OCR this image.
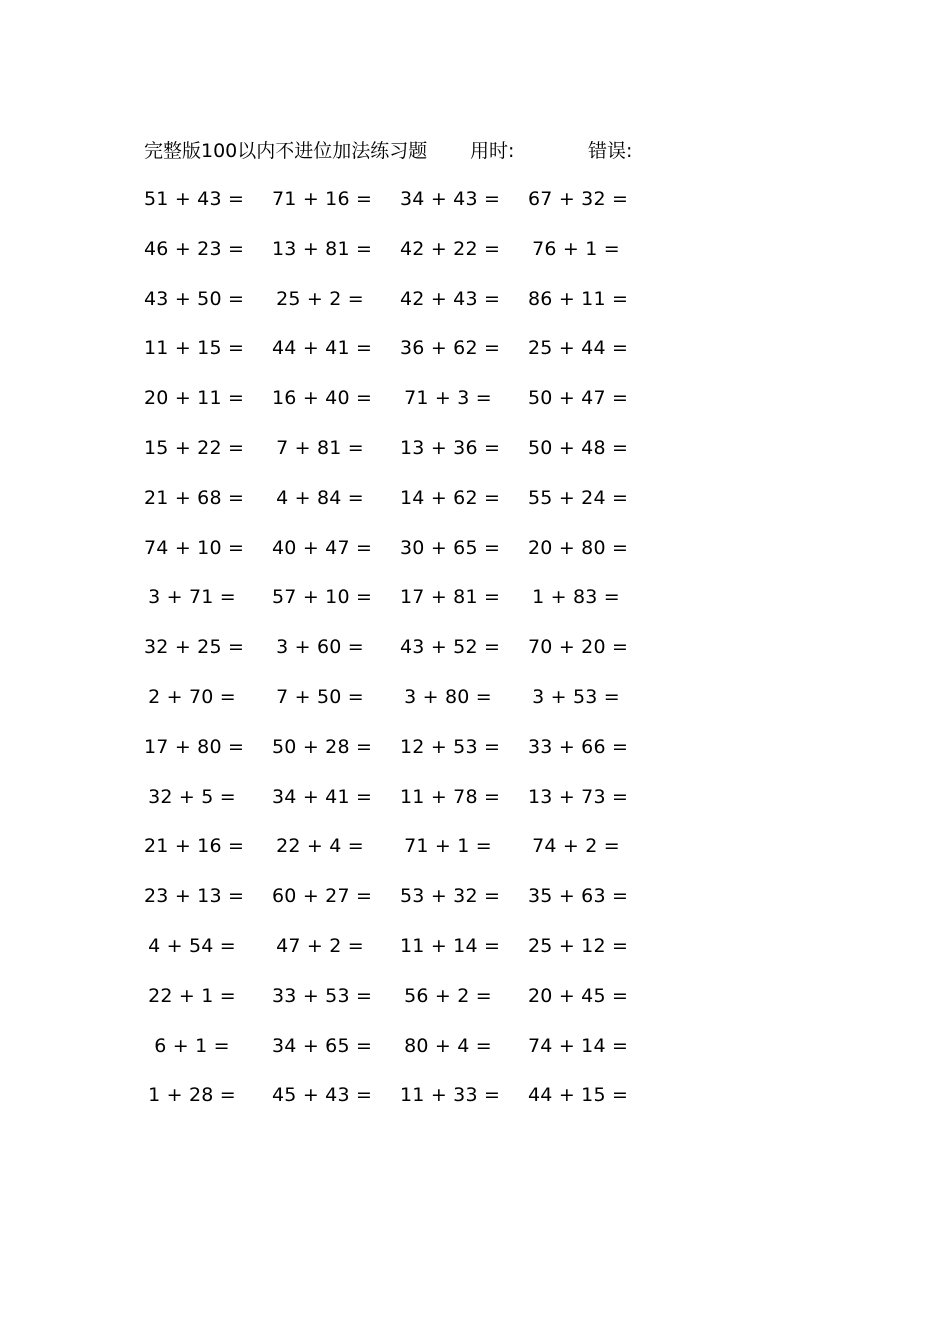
完整版100以内不进位加法练习题 用时:	错误:
51 + 43 = 71 + 16 = 34 + 43 = 67 + 32 =
46 + 23 = 13 + 81 = 42 + 22 = 76 + 1 =
43 + 50 = 25 + 2 = 42 + 43 = 86 + 11 =
11 + 15 = 44 + 41 = 36 + 62 = 25 + 44 =
20 + 11 = 16 + 40 = 71 + 3 = 50 + 47 =
15 + 22 = 7 + 81 = 13 + 36 = 50 + 48 =
21 + 68 = 4 + 84 = 14 + 62 = 55 + 24 =
74 + 10 = 40 + 47 = 30 + 65 = 20 + 80 =
3 + 71 = 57 + 10 = 17 + 81 = 1 + 83 =
32 + 25 = 3 + 60 = 43 + 52 = 70 + 20 =
2 + 70 = 7 + 50 = 3 + 80 = 3 + 53 =
17 + 80 = 50 + 28 = 12 + 53 = 33 + 66 =
32 + 5 = 34 + 41 = 11 + 78 = 13 + 73 =
21 + 16 = 22 + 4 = 71 + 1 = 74 + 2 =
23 + 13 = 60 + 27 = 53 + 32 = 35 + 63 =
4 + 54 = 47 + 2 = 11 + 14 = 25 + 12 =
22 + 1 = 33 + 53 = 56 + 2 = 20 + 45 =
6 + 1 =	34 + 65 = 80 + 4 = 74 + 14 =
1 + 28 = 45 + 43 = 11 + 33 = 44 + 15 =
